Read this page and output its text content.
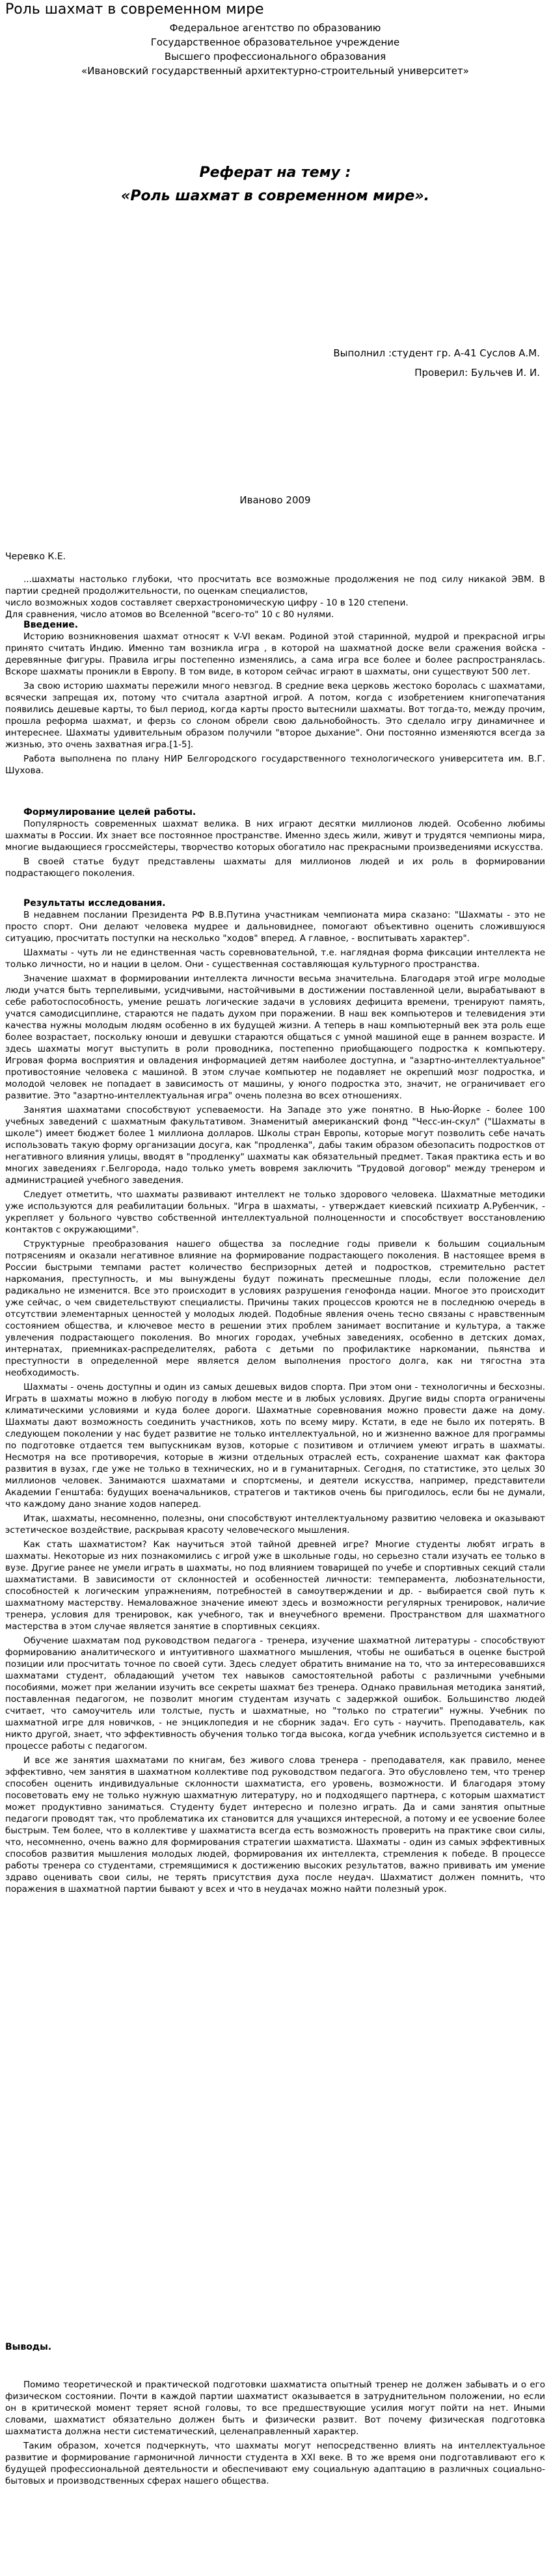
Роль шахмат в современном мире
Федеральное агентство по образованию
Государственное образовательное учреждение
Высшего профессионального образования
«Ивановский государственный архитектурно-строительный университет»
Реферат на тему :
«Роль шахмат в современном мире».
Выполнил :студент гр. А-41 Суслов А.М.
Проверил: Бульчев И. И.
Иваново 2009
Черевко К.Е.

...шахматы настолько глубоки, что просчитать все возможные продолжения не под силу никакой ЭВМ. В партии средней продолжительности, по оценкам специалистов,

число возможных ходов составляет сверхастрономическую цифру - 10 в 120 степени.

Для сравнения, число атомов во Вселенной "всего-то" 10 с 80 нулями.

Введение.

Историю возникновения шахмат относят к V-VI векам. Родиной этой старинной, мудрой и прекрасной игры принято считать Индию. Именно там возникла игра , в которой на шахматной доске вели сражения войска - деревянные фигуры. Правила игры постепенно изменялись, а сама игра все более и более распространялась. Вскоре шахматы проникли в Европу. В том виде, в котором сейчас играют в шахматы, они существуют 500 лет.

За свою историю шахматы пережили много невзгод. В средние века церковь жестоко боролась с шахматами, всячески запрещая их, потому что считала азартной игрой. А потом, когда с изобретением книгопечатания появились дешевые карты, то был период, когда карты просто вытеснили шахматы. Вот тогда-то, между прочим, прошла реформа шахмат, и ферзь со слоном обрели свою дальнобойность. Это сделало игру динамичнее и интереснее. Шахматы удивительным образом получили "второе дыхание". Они постоянно изменяются всегда за жизнью, это очень захватная игра.[1-5].

Работа выполнена по плану НИР Белгородского государственного технологического университета им. В.Г. Шухова.

Формулирование целей работы.

Популярность современных шахмат велика. В них играют десятки миллионов людей. Особенно любимы шахматы в России. Их знает все постоянное пространстве. Именно здесь жили, живут и трудятся чемпионы мира, многие выдающиеся гроссмейстеры, творчество которых обогатило нас прекрасными произведениями искусства.

В своей статье будут представлены шахматы для миллионов людей и их роль в формировании подрастающего поколения.

Результаты исследования.

В недавнем послании Президента РФ В.В.Путина участникам чемпионата мира сказано: "Шахматы - это не просто спорт. Они делают человека мудрее и дальновиднее, помогают объективно оценить сложившуюся ситуацию, просчитать поступки на несколько "ходов" вперед. А главное, - воспитывать характер".

Шахматы - чуть ли не единственная часть соревновательной, т.е. наглядная форма фиксации интеллекта не только личности, но и нации в целом. Они - существенная составляющая культурного пространства.

Значение шахмат в формировании интеллекта личности весьма значительна. Благодаря этой игре молодые люди учатся быть терпеливыми, усидчивыми, настойчивыми в достижении поставленной цели, вырабатывают в себе работоспособность, умение решать логические задачи в условиях дефицита времени, тренируют память, учатся самодисциплине, стараются не падать духом при поражении. В наш век компьютеров и телевидения эти качества нужны молодым людям особенно в их будущей жизни. А теперь в наш компьютерный век эта роль еще более возрастает, поскольку юноши и девушки стараются общаться с умной машиной еще в раннем возрасте. И здесь шахматы могут выступить в роли проводника, постепенно приобщающего подростка к компьютеру. Игровая форма восприятия и овладения информацией детям наиболее доступна, и "азартно-интеллектуальное" противостояние человека с машиной. В этом случае компьютер не подавляет не окрепший мозг подростка, и молодой человек не попадает в зависимость от машины, у юного подростка это, значит, не ограничивает его развитие. Это "азартно-интеллектуальная игра" очень полезна во всех отношениях.

Занятия шахматами способствуют успеваемости. На Западе это уже понятно. В Нью-Йорке - более 100 учебных заведений с шахматным факультативом. Знаменитый американский фонд "Чесс-ин-скул" ("Шахматы в школе") имеет бюджет более 1 миллиона долларов. Школы стран Европы, которые могут позволить себе начать использовать такую форму организации досуга, как "продленка", дабы таким образом обезопасить подростков от негативного влияния улицы, вводят в "продленку" шахматы как обязательный предмет. Такая практика есть и во многих заведениях г.Белгорода, надо только уметь вовремя заключить "Трудовой договор" между тренером и администрацией учебного заведения.

Следует отметить, что шахматы развивают интеллект не только здорового человека. Шахматные методики уже используются для реабилитации больных. "Игра в шахматы, - утверждает киевский психиатр А.Рубенчик, - укрепляет у больного чувство собственной интеллектуальной полноценности и способствует восстановлению контактов с окружающими".

Структурные преобразования нашего общества за последние годы привели к большим социальным потрясениям и оказали негативное влияние на формирование подрастающего поколения. В настоящее время в России быстрыми темпами растет количество беспризорных детей и подростков, стремительно растет наркомания, преступность, и мы вынуждены будут пожинать пресмешные плоды, если положение дел радикально не изменится. Все это происходит в условиях разрушения генофонда нации. Многое это происходит уже сейчас, о чем свидетельствуют специалисты. Причины таких процессов кроются не в последнюю очередь в отсутствии элементарных ценностей у молодых людей. Подобные явления очень тесно связаны с нравственным состоянием общества, и ключевое место в решении этих проблем занимает воспитание и культура, а также увлечения подрастающего поколения. Во многих городах, учебных заведениях, особенно в детских домах, интернатах, приемниках-распределителях, работа с детьми по профилактике наркомании, пьянства и преступности в определенной мере является делом выполнения простого долга, как ни тягостна эта необходимость.

Шахматы - очень доступны и один из самых дешевых видов спорта. При этом они - технологичны и бесхозны. Играть в шахматы можно в любую погоду в любом месте и в любых условиях. Другие виды спорта ограничены климатическими условиями и куда более дороги. Шахматные соревнования можно провести даже на дому. Шахматы дают возможность соединить участников, хоть по всему миру. Кстати, в еде не было их потерять. В следующем поколении у нас будет развитие не только интеллектуальной, но и жизненно важное для программы по подготовке отдается тем выпускникам вузов, которые с позитивом и отличием умеют играть в шахматы. Несмотря на все противоречия, которые в жизни отдельных отраслей есть, сохранение шахмат как фактора развития в вузах, где уже не только в технических, но и в гуманитарных. Сегодня, по статистике, это целых 30 миллионов человек. Занимаются шахматами и спортсмены, и деятели искусства, например, представители Академии Генштаба: будущих военачальников, стратегов и тактиков очень бы пригодилось, если бы не думали, что каждому дано знание ходов наперед.

Итак, шахматы, несомненно, полезны, они способствуют интеллектуальному развитию человека и оказывают эстетическое воздействие, раскрывая красоту человеческого мышления.

Как стать шахматистом? Как научиться этой тайной древней игре? Многие студенты любят играть в шахматы. Некоторые из них познакомились с игрой уже в школьные годы, но серьезно стали изучать ее только в вузе. Другие ранее не умели играть в шахматы, но под влиянием товарищей по учебе и спортивных секций стали шахматистами. В зависимости от склонностей и особенностей личности: темперамента, любознательности, способностей к логическим упражнениям, потребностей в самоутверждении и др. - выбирается свой путь к шахматному мастерству. Немаловажное значение имеют здесь и возможности регулярных тренировок, наличие тренера, условия для тренировок, как учебного, так и внеучебного времени. Пространством для шахматного мастерства в этом случае является занятие в спортивных секциях.

Обучение шахматам под руководством педагога - тренера, изучение шахматной литературы - способствуют формированию аналитического и интуитивного шахматного мышления, чтобы не ошибаться в оценке быстрой позиции или просчитать точное по своей сути. Здесь следует обратить внимание на то, что за интересовавшихся шахматами студент, обладающий учетом тех навыков самостоятельной работы с различными учебными пособиями, может при желании изучить все секреты шахмат без тренера. Однако правильная методика занятий, поставленная педагогом, не позволит многим студентам изучать с задержкой ошибок. Большинство людей считает, что самоучитель или толстые, пусть и шахматные, но "только по стратегии" нужны. Учебник по шахматной игре для новичков, - не энциклопедия и не сборник задач. Его суть - научить. Преподаватель, как никто другой, знает, что эффективность обучения только тогда высока, когда учебник используется системно и в процессе работы с педагогом.

И все же занятия шахматами по книгам, без живого слова тренера - преподавателя, как правило, менее эффективно, чем занятия в шахматном коллективе под руководством педагога. Это обусловлено тем, что тренер способен оценить индивидуальные склонности шахматиста, его уровень, возможности. И благодаря этому посоветовать ему не только нужную шахматную литературу, но и подходящего партнера, с которым шахматист может продуктивно заниматься. Студенту будет интересно и полезно играть. Да и сами занятия опытные педагоги проводят так, что проблематика их становится для учащихся интересной, а потому и ее усвоение более быстрым. Тем более, что в коллективе у шахматиста всегда есть возможность проверить на практике свои силы, что, несомненно, очень важно для формирования стратегии шахматиста. Шахматы - один из самых эффективных способов развития мышления молодых людей, формирования их интеллекта, стремления к победе. В процессе работы тренера со студентами, стремящимися к достижению высоких результатов, важно прививать им умение здраво оценивать свои силы, не терять присутствия духа после неудач. Шахматист должен помнить, что поражения в шахматной партии бывают у всех и что в неудачах можно найти полезный урок.

Выводы.

Помимо теоретической и практической подготовки шахматиста опытный тренер не должен забывать и о его физическом состоянии. Почти в каждой партии шахматист оказывается в затруднительном положении, но если он в критической момент теряет ясной головы, то все предшествующие усилия могут пойти на нет. Иными словами, шахматист обязательно должен быть и физически развит. Вот почему физическая подготовка шахматиста должна нести систематический, целенаправленный характер.

Таким образом, хочется подчеркнуть, что шахматы могут непосредственно влиять на интеллектуальное развитие и формирование гармоничной личности студента в XXI веке. В то же время они подготавливают его к будущей профессиональной деятельности и обеспечивают ему социальную адаптацию в различных социально-бытовых и производственных сферах нашего общества.
